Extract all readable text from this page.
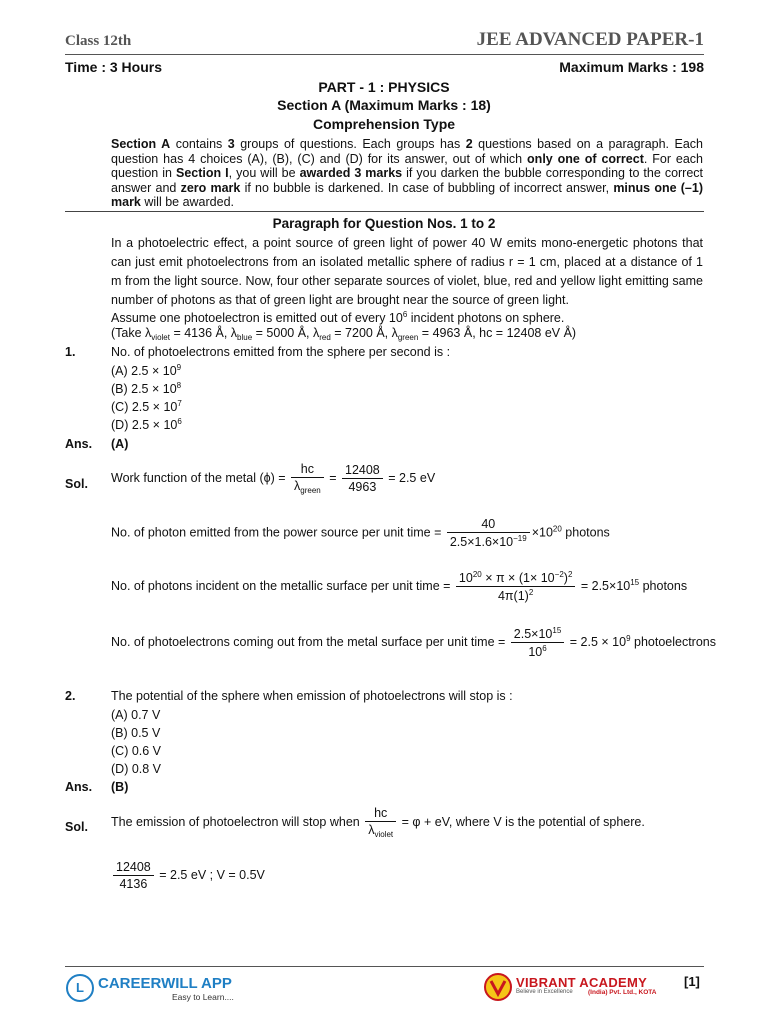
Class 12th	JEE ADVANCED PAPER-1
Time : 3 Hours	Maximum Marks : 198
PART - 1 : PHYSICS
Section A (Maximum Marks : 18)
Comprehension Type
Section A contains 3 groups of questions. Each groups has 2 questions based on a paragraph. Each question has 4 choices (A), (B), (C) and (D) for its answer, out of which only one of correct. For each question in Section I, you will be awarded 3 marks if you darken the bubble corresponding to the correct answer and zero mark if no bubble is darkened. In case of bubbling of incorrect answer, minus one (–1) mark will be awarded.
Paragraph for Question Nos. 1 to 2
In a photoelectric effect, a point source of green light of power 40 W emits mono-energetic photons that can just emit photoelectrons from an isolated metallic sphere of radius r = 1 cm, placed at a distance of 1 m from the light source. Now, four other separate sources of violet, blue, red and yellow light emitting same number of photons as that of green light are brought near the source of green light.
Assume one photoelectron is emitted out of every $10^6$ incident photons on sphere.
(Take $\lambda_{violet} = 4136$ Å, $\lambda_{blue} = 5000$ Å, $\lambda_{red} = 7200$ Å, $\lambda_{green} = 4963$ Å, hc = 12408 eV Å)
1.	No. of photoelectrons emitted from the sphere per second is :
(A) $2.5 \times 10^9$
(B) $2.5 \times 10^8$
(C) $2.5 \times 10^7$
(D) $2.5 \times 10^6$
Ans. (A)
Sol. Work function of the metal $(\phi) = \frac{hc}{\lambda_{green}} = \frac{12408}{4963} = 2.5$ eV
No. of photon emitted from the power source per unit time = $\frac{40}{2.5\times 1.6\times 10^{-19}} \times 10^{20}$ photons
No. of photons incident on the metallic surface per unit time = $\frac{10^{20} \times \pi \times (1\times 10^{-2})^2}{4\pi(1)^2} = 2.5\times 10^{15}$ photons
No. of photoelectrons coming out from the metal surface per unit time = $\frac{2.5\times 10^{15}}{10^6} = 2.5 \times 10^9$ photoelectrons
2.	The potential of the sphere when emission of photoelectrons will stop is :
(A) 0.7 V
(B) 0.5 V
(C) 0.6 V
(D) 0.8 V
Ans. (B)
Sol. The emission of photoelectron will stop when $\frac{hc}{\lambda_{violet}} = \varphi$ + eV, where V is the potential of sphere.
$\frac{12408}{4136} = 2.5$ eV ; V = 0.5V
L CAREERWILL APP
Easy to Learn....
VIBRANT ACADEMY
Believe in Excellence (India) Pvt. Ltd., KOTA
[1]
